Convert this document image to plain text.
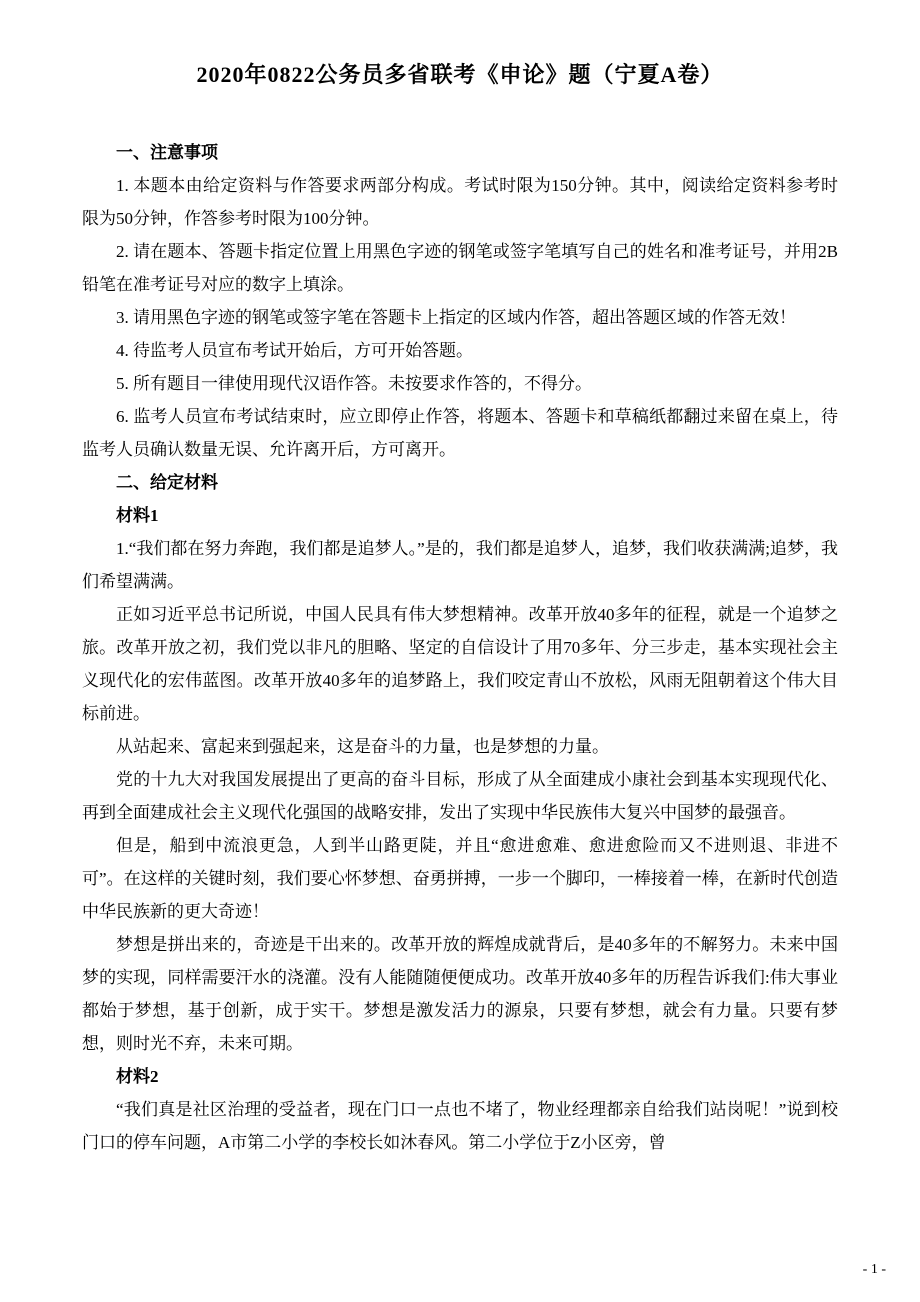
2020年0822公务员多省联考《申论》题（宁夏A卷）

一、注意事项

1. 本题本由给定资料与作答要求两部分构成。考试时限为150分钟。其中，阅读给定资料参考时限为50分钟，作答参考时限为100分钟。

2. 请在题本、答题卡指定位置上用黑色字迹的钢笔或签字笔填写自己的姓名和准考证号，并用2B铅笔在准考证号对应的数字上填涂。

3. 请用黑色字迹的钢笔或签字笔在答题卡上指定的区域内作答，超出答题区域的作答无效！

4. 待监考人员宣布考试开始后，方可开始答题。

5. 所有题目一律使用现代汉语作答。未按要求作答的，不得分。

6. 监考人员宣布考试结束时，应立即停止作答，将题本、答题卡和草稿纸都翻过来留在桌上，待监考人员确认数量无误、允许离开后，方可离开。

二、给定材料

材料1

1.“我们都在努力奔跑，我们都是追梦人。”是的，我们都是追梦人，追梦，我们收获满满;追梦，我们希望满满。

正如习近平总书记所说，中国人民具有伟大梦想精神。改革开放40多年的征程，就是一个追梦之旅。改革开放之初，我们党以非凡的胆略、坚定的自信设计了用70多年、分三步走，基本实现社会主义现代化的宏伟蓝图。改革开放40多年的追梦路上，我们咬定青山不放松，风雨无阻朝着这个伟大目标前进。

从站起来、富起来到强起来，这是奋斗的力量，也是梦想的力量。

党的十九大对我国发展提出了更高的奋斗目标，形成了从全面建成小康社会到基本实现现代化、再到全面建成社会主义现代化强国的战略安排，发出了实现中华民族伟大复兴中国梦的最强音。

但是，船到中流浪更急，人到半山路更陡，并且“愈进愈难、愈进愈险而又不进则退、非进不可”。在这样的关键时刻，我们要心怀梦想、奋勇拼搏，一步一个脚印，一棒接着一棒，在新时代创造中华民族新的更大奇迹！

梦想是拼出来的，奇迹是干出来的。改革开放的辉煌成就背后，是40多年的不解努力。未来中国 梦的实现，同样需要汗水的浇灌。没有人能随随便便成功。改革开放40多年的历程告诉我们:伟大事业都始于梦想，基于创新，成于实干。梦想是激发活力的源泉，只要有梦想，就会有力量。只要有梦想，则时光不弃，未来可期。

材料2

“我们真是社区治理的受益者，现在门口一点也不堵了，物业经理都亲自给我们站岗呢！”说到校门口的停车问题，A市第二小学的李校长如沐春风。第二小学位于Z小区旁，曾

- 1 -
